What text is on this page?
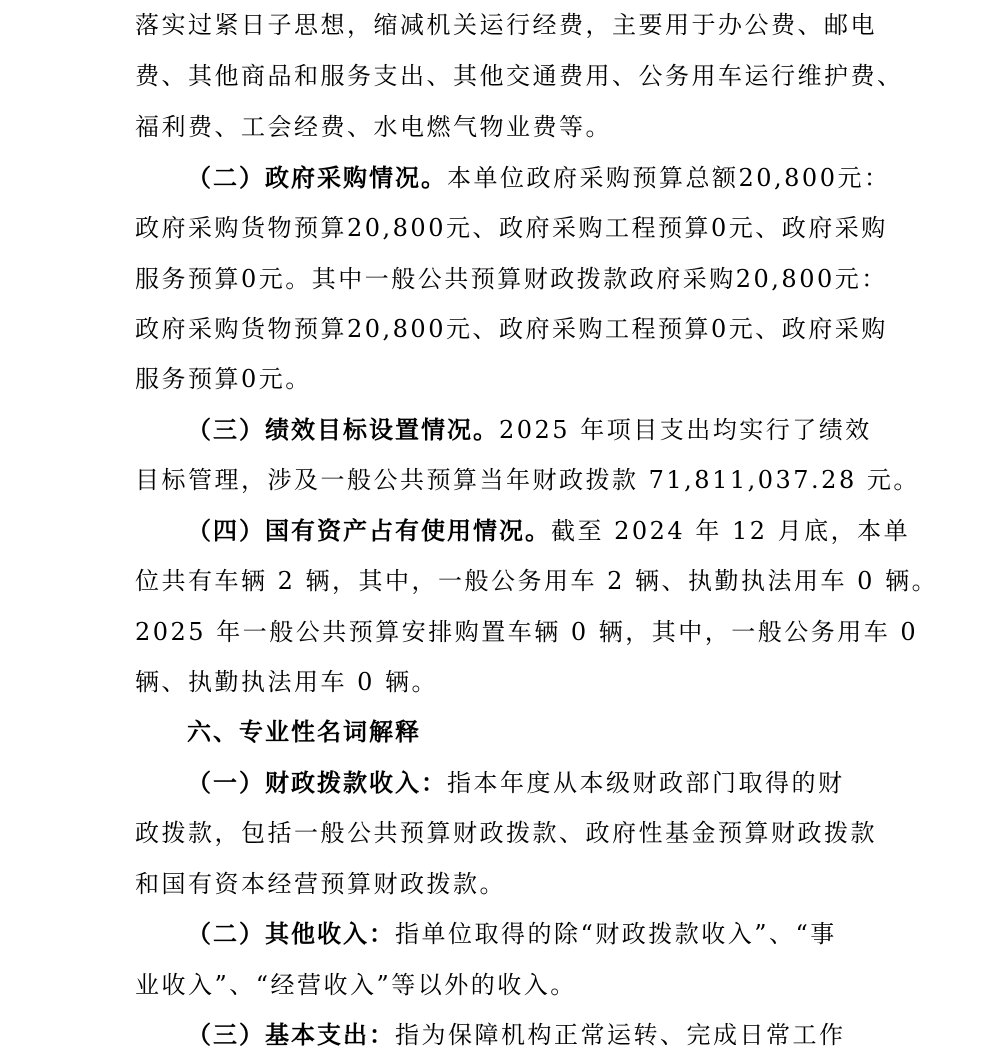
落实过紧日子思想，缩减机关运行经费，主要用于办公费、邮电
费、其他商品和服务支出、其他交通费用、公务用车运行维护费、
福利费、工会经费、水电燃气物业费等。
（二）政府采购情况。本单位政府采购预算总额20,800元：
政府采购货物预算20,800元、政府采购工程预算0元、政府采购
服务预算0元。其中一般公共预算财政拨款政府采购20,800元：
政府采购货物预算20,800元、政府采购工程预算0元、政府采购
服务预算0元。
（三）绩效目标设置情况。2025 年项目支出均实行了绩效
目标管理，涉及一般公共预算当年财政拨款 71,811,037.28 元。
（四）国有资产占有使用情况。截至 2024 年 12 月底，本单
位共有车辆 2 辆，其中，一般公务用车 2 辆、执勤执法用车 0 辆。
2025 年一般公共预算安排购置车辆 0 辆，其中，一般公务用车 0
辆、执勤执法用车 0 辆。
六、专业性名词解释
（一）财政拨款收入：指本年度从本级财政部门取得的财
政拨款，包括一般公共预算财政拨款、政府性基金预算财政拨款
和国有资本经营预算财政拨款。
（二）其他收入：指单位取得的除“财政拨款收入”、“事
业收入”、“经营收入”等以外的收入。
（三）基本支出：指为保障机构正常运转、完成日常工作
